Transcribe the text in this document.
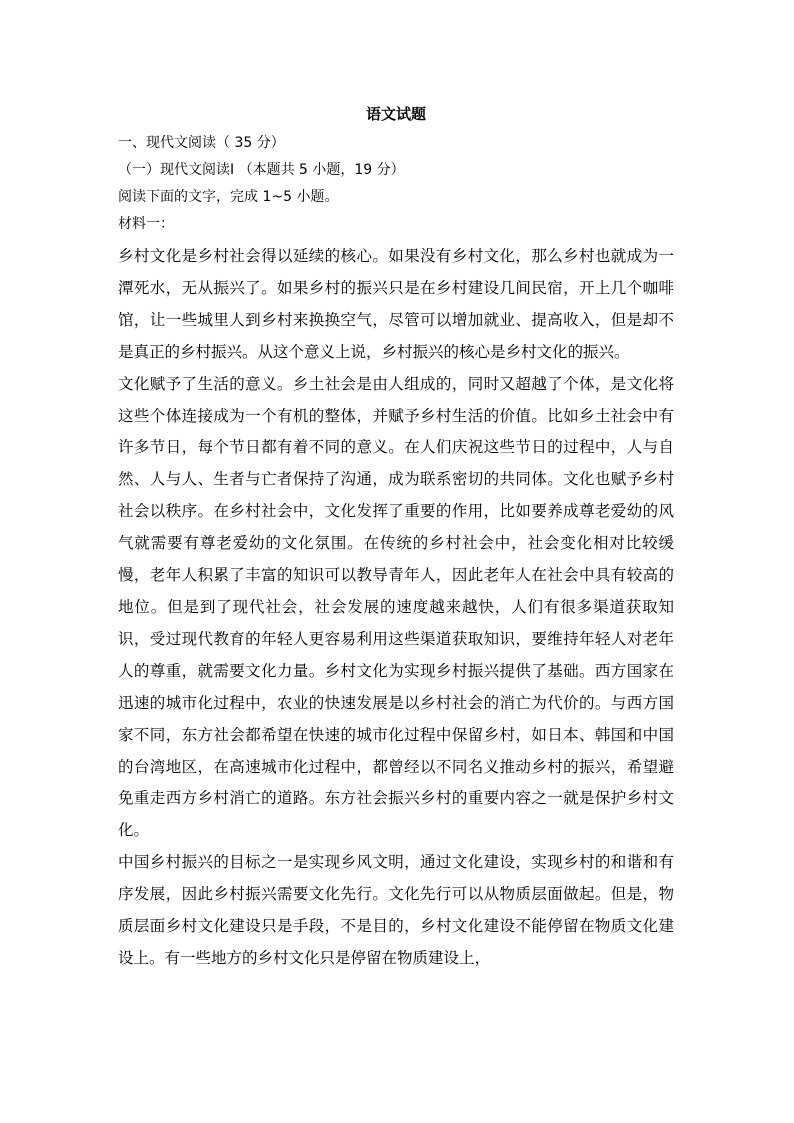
语文试题

一、现代文阅读（ 35 分）

（一）现代文阅读Ⅰ （本题共 5 小题，19 分）

阅读下面的文字，完成 1~5 小题。

材料一：

乡村文化是乡村社会得以延续的核心。如果没有乡村文化，那么乡村也就成为一潭死水，无从振兴了。如果乡村的振兴只是在乡村建设几间民宿，开上几个咖啡馆，让一些城里人到乡村来换换空气，尽管可以增加就业、提高收入，但是却不是真正的乡村振兴。从这个意义上说，乡村振兴的核心是乡村文化的振兴。

文化赋予了生活的意义。乡土社会是由人组成的，同时又超越了个体，是文化将这些个体连接成为一个有机的整体，并赋予乡村生活的价值。比如乡土社会中有许多节日，每个节日都有着不同的意义。在人们庆祝这些节日的过程中，人与自然、人与人、生者与亡者保持了沟通，成为联系密切的共同体。文化也赋予乡村社会以秩序。在乡村社会中，文化发挥了重要的作用，比如要养成尊老爱幼的风气就需要有尊老爱幼的文化氛围。在传统的乡村社会中，社会变化相对比较缓慢，老年人积累了丰富的知识可以教导青年人，因此老年人在社会中具有较高的地位。但是到了现代社会，社会发展的速度越来越快，人们有很多渠道获取知识，受过现代教育的年轻人更容易利用这些渠道获取知识，要维持年轻人对老年人的尊重，就需要文化力量。乡村文化为实现乡村振兴提供了基础。西方国家在迅速的城市化过程中，农业的快速发展是以乡村社会的消亡为代价的。与西方国家不同，东方社会都希望在快速的城市化过程中保留乡村，如日本、韩国和中国的台湾地区，在高速城市化过程中，都曾经以不同名义推动乡村的振兴，希望避免重走西方乡村消亡的道路。东方社会振兴乡村的重要内容之一就是保护乡村文化。

中国乡村振兴的目标之一是实现乡风文明，通过文化建设，实现乡村的和谐和有序发展，因此乡村振兴需要文化先行。文化先行可以从物质层面做起。但是，物质层面乡村文化建设只是手段，不是目的，乡村文化建设不能停留在物质文化建设上。有一些地方的乡村文化只是停留在物质建设上，
